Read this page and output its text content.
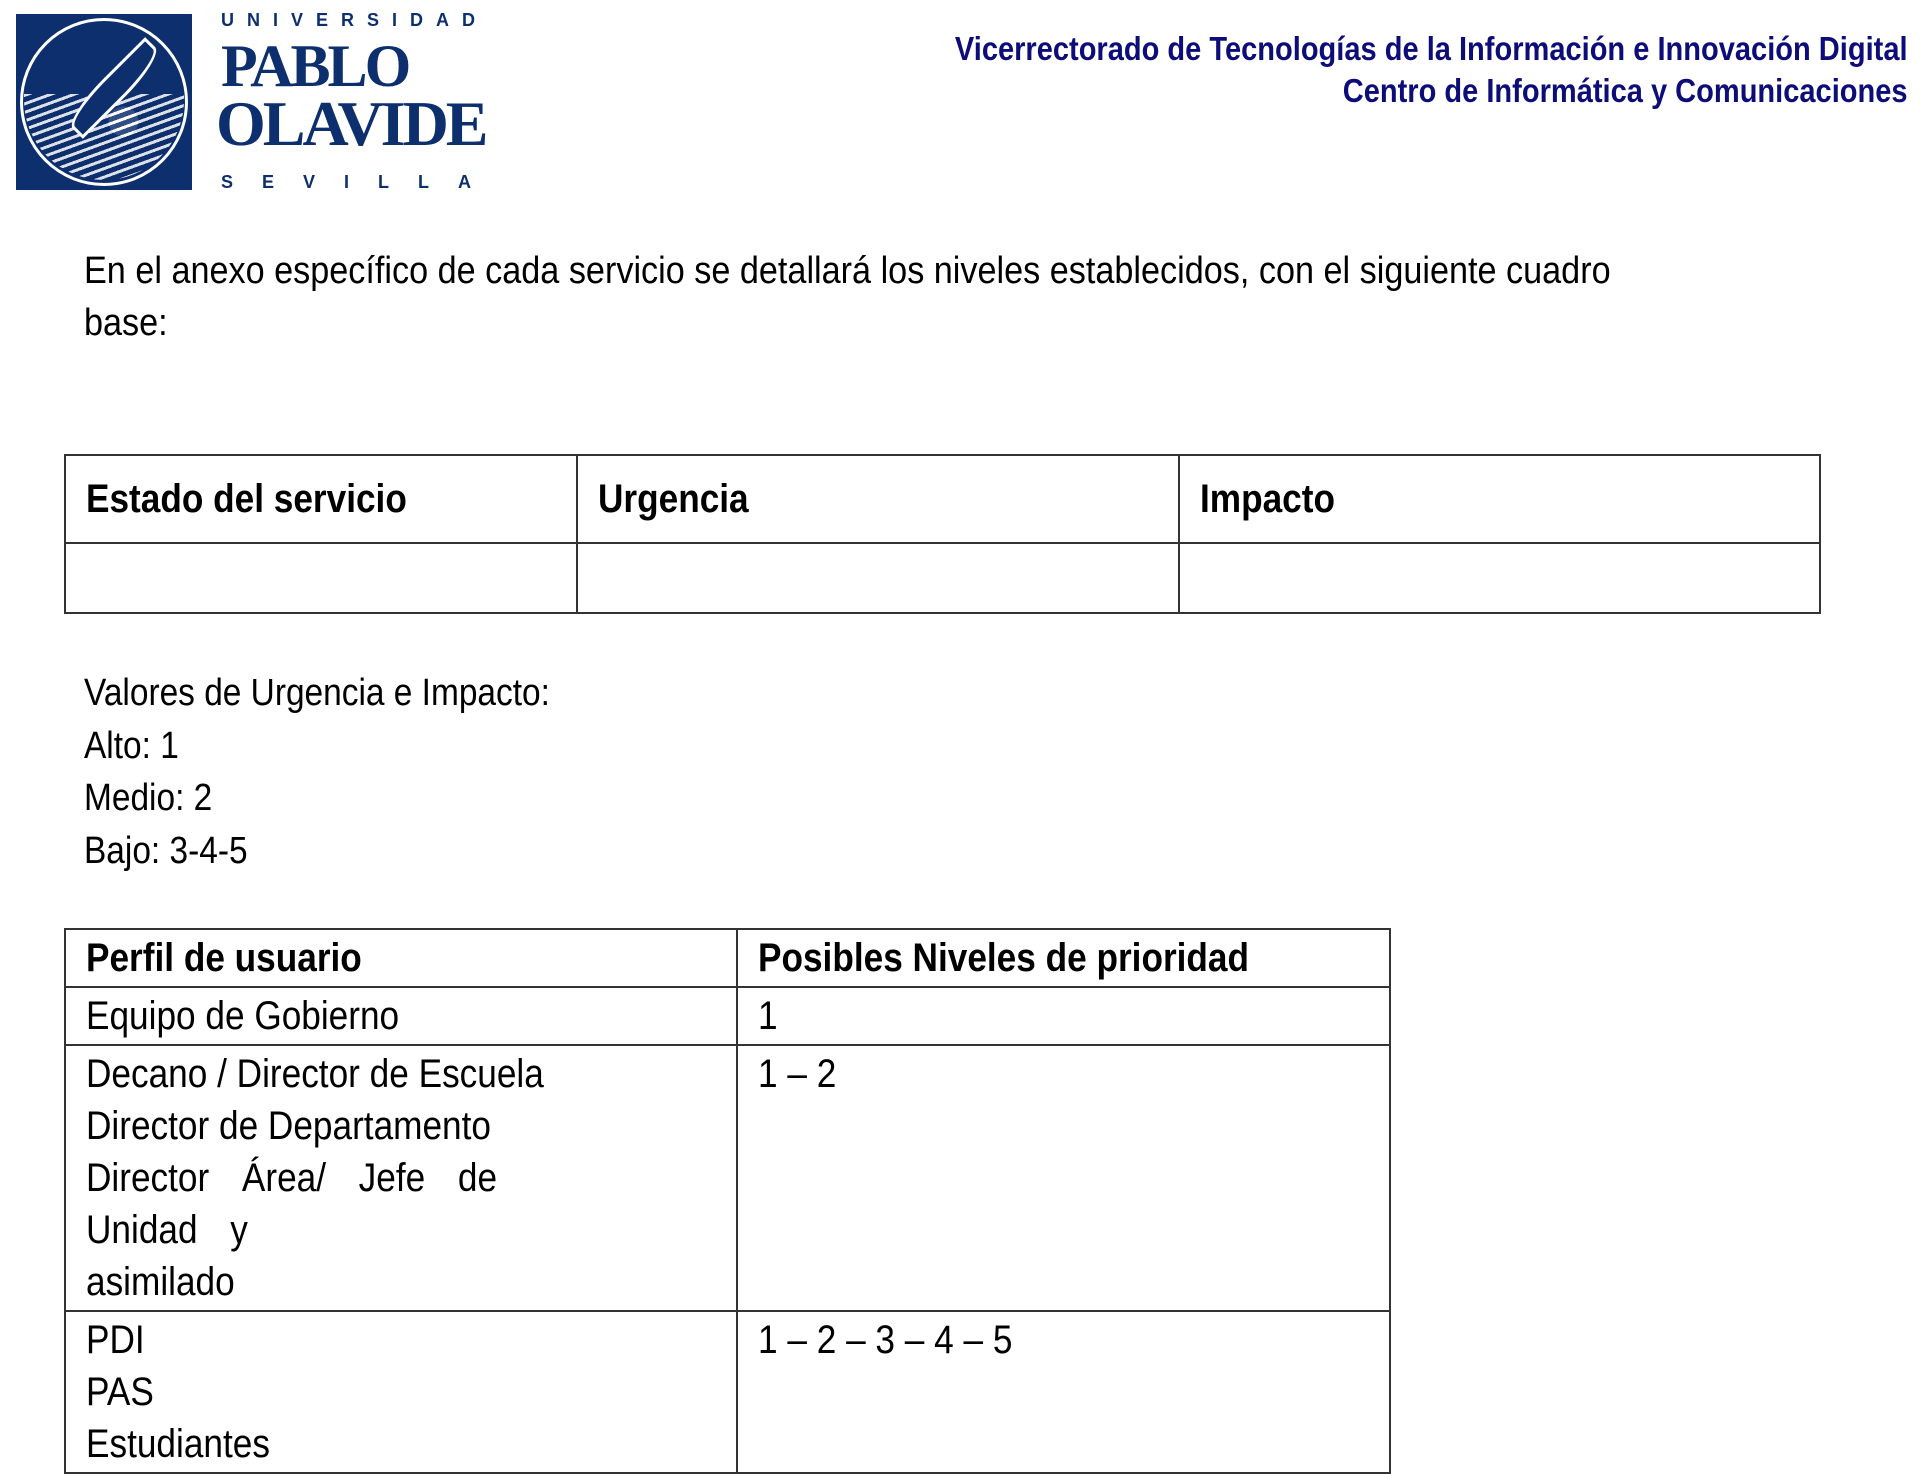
UNIVERSIDAD
PABLO
OLAVIDE
SEVILLA
Vicerrectorado de Tecnologías de la Información e Innovación Digital
Centro de Informática y Comunicaciones
En el anexo específico de cada servicio se detallará los niveles establecidos, con el siguiente cuadro base:
Estado del servicio	Urgencia	Impacto

Valores de Urgencia e Impacto:
Alto: 1
Medio: 2
Bajo: 3-4-5
Perfil de usuario	Posibles Niveles de prioridad

Equipo de Gobierno	1

Decano / Director de Escuela
Director de Departamento
Director Área/ Jefe de Unidad y
asimilado	1 – 2

PDI
PAS
Estudiantes	1 – 2 – 3 – 4 – 5
